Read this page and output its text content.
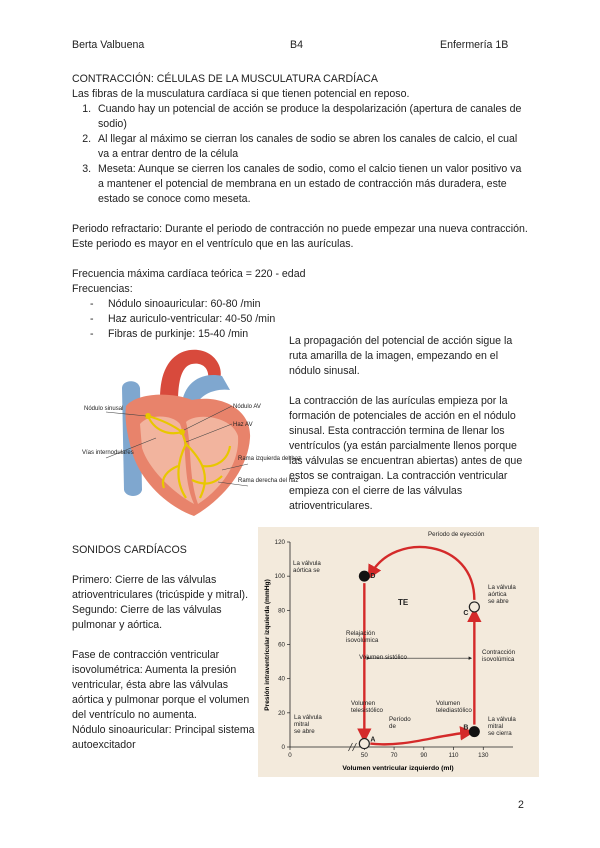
Berta Valbuena	B4	Enfermería 1B

CONTRACCIÓN: CÉLULAS DE LA MUSCULATURA CARDÍACA

Las fibras de la musculatura cardíaca si que tienen potencial en reposo.

1. Cuando hay un potencial de acción se produce la despolarización (apertura de canales de sodio)
2. Al llegar al máximo se cierran los canales de sodio se abren los canales de calcio, el cual va a entrar dentro de la célula
3. Meseta: Aunque se cierren los canales de sodio, como el calcio tienen un valor positivo va a mantener el potencial de membrana en un estado de contracción más duradera, este estado se conoce como meseta.

Periodo refractario: Durante el periodo de contracción no puede empezar una nueva contracción. Este periodo es mayor en el ventrículo que en las aurículas.

Frecuencia máxima cardíaca teórica = 220 - edad

Frecuencias:

- Nódulo sinoauricular: 60-80 /min
- Haz auriculo-ventricular: 40-50 /min
- Fibras de purkinje: 15-40 /min
Nódulo sinusal	Nódulo AV
Haz AV
Vías internodulares
Rama izquierda del haz
Rama derecha del haz

La propagación del potencial de acción sigue la ruta amarilla de la imagen, empezando en el nódulo sinusal.

La contracción de las aurículas empieza por la formación de potenciales de acción en el nódulo sinusal. Esta contracción termina de llenar los ventrículos (ya están parcialmente llenos porque las válvulas se encuentran abiertas) antes de que estos se contraigan. La contracción ventricular empieza con el cierre de las válvulas atrioventriculares.

SONIDOS CARDÍACOS

Primero: Cierre de las válvulas atrioventriculares (tricúspide y mitral).

Segundo: Cierre de las válvulas pulmonar y aórtica.

Fase de contracción ventricular isovolumétrica: Aumenta la presión ventricular, ésta abre las válvulas aórtica y pulmonar porque el volumen del ventrículo no aumenta.

Nódulo sinoauricular: Principal sistema autoexcitador	0
20
40
60
80
100
120
0	50	70	90	110	130
A
B
C
D
Período de eyección
La válvula aórtica se
La válvula aórtica se abre
TE
Relajación isovolúmica
Volumen sistólico
Contracción isovolúmica
Volumen telesistólico
Volumen telediastólico
Período de
La válvula mitral se abre
La válvula mitral se cierra
Volumen ventricular izquierdo (ml)
Presión intraventricular izquierda (mmHg)
2
